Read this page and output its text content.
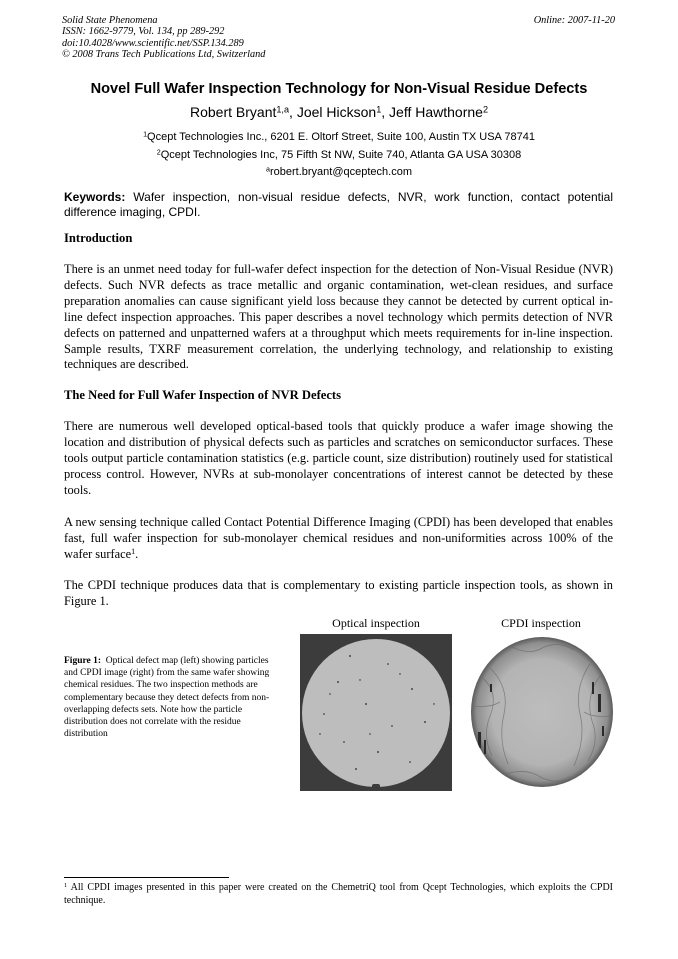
Solid State Phenomena
ISSN: 1662-9779, Vol. 134, pp 289-292
doi:10.4028/www.scientific.net/SSP.134.289
© 2008 Trans Tech Publications Ltd, Switzerland
Online: 2007-11-20
Novel Full Wafer Inspection Technology for Non-Visual Residue Defects
Robert Bryant$^{1,a}$, Joel Hickson$^1$, Jeff Hawthorne$^2$
$^1$Qcept Technologies Inc., 6201 E. Oltorf Street, Suite 100, Austin TX USA 78741
$^2$Qcept Technologies Inc, 75 Fifth St NW, Suite 740, Atlanta GA USA 30308
$^a$robert.bryant@qceptech.com
Keywords: Wafer inspection, non-visual residue defects, NVR, work function, contact potential difference imaging, CPDI.
Introduction

There is an unmet need today for full-wafer defect inspection for the detection of Non-Visual Residue (NVR) defects. Such NVR defects as trace metallic and organic contamination, wet-clean residues, and surface preparation anomalies can cause significant yield loss because they cannot be detected by current optical in-line defect inspection approaches. This paper describes a novel technology which permits detection of NVR defects on patterned and unpatterned wafers at a throughput which meets requirements for in-line inspection. Sample results, TXRF measurement correlation, the underlying technology, and relationship to existing techniques are described.

The Need for Full Wafer Inspection of NVR Defects

There are numerous well developed optical-based tools that quickly produce a wafer image showing the location and distribution of physical defects such as particles and scratches on semiconductor surfaces. These tools output particle contamination statistics (e.g. particle count, size distribution) routinely used for statistical process control. However, NVRs at sub-monolayer concentrations of interest cannot be detected by these tools.

A new sensing technique called Contact Potential Difference Imaging (CPDI) has been developed that enables fast, full wafer inspection for sub-monolayer chemical residues and non-uniformities across 100% of the wafer surface$^1$.

The CPDI technique produces data that is complementary to existing particle inspection tools, as shown in Figure 1.

Optical inspection	CPDI inspection
Figure 1: Optical defect map (left) showing particles and CPDI image (right) from the same wafer showing chemical residues. The two inspection methods are complementary because they detect defects from non-overlapping defects sets. Note how the particle distribution does not correlate with the residue distribution
$^1$ All CPDI images presented in this paper were created on the ChemetriQ tool from Qcept Technologies, which exploits the CPDI technique.
